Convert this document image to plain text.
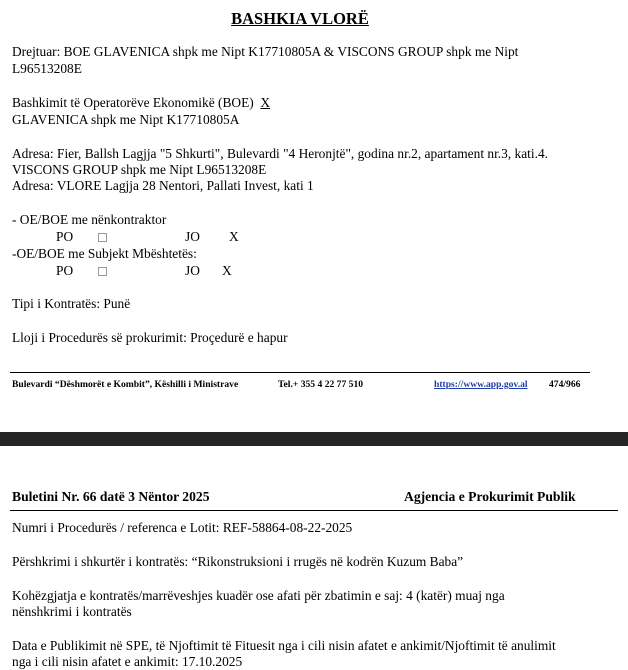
BASHKIA VLORË
Drejtuar: BOE GLAVENICA shpk me Nipt K17710805A & VISCONS GROUP shpk me Nipt
L96513208E
Bashkimit të Operatorëve Ekonomikë (BOE) X
GLAVENICA shpk me Nipt K17710805A
Adresa: Fier, Ballsh Lagjja "5 Shkurti", Bulevardi "4 Heronjtë", godina nr.2, apartament nr.3, kati.4.
VISCONS GROUP shpk me Nipt L96513208E
Adresa: VLORE Lagjja 28 Nentori, Pallati Invest, kati 1
- OE/BOE me nënkontraktor
PO	JO X
-OE/BOE me Subjekt Mbështetës:
PO	JO X
Tipi i Kontratës: Punë
Lloji i Procedurës së prokurimit: Proçedurë e hapur
Bulevardi “Dëshmorët e Kombit”, Këshilli i Ministrave	Tel.+ 355 4 22 77 510	https://www.app.gov.al 474/966
Buletini Nr. 66 datë 3 Nëntor 2025	Agjencia e Prokurimit Publik
Numri i Procedurës / referenca e Lotit: REF-58864-08-22-2025
Përshkrimi i shkurtër i kontratës: “Rikonstruksioni i rrugës në kodrën Kuzum Baba”
Kohëzgjatja e kontratës/marrëveshjes kuadër ose afati për zbatimin e saj: 4 (katër) muaj nga
nënshkrimi i kontratës
Data e Publikimit në SPE, të Njoftimit të Fituesit nga i cili nisin afatet e ankimit/Njoftimit të anulimit
nga i cili nisin afatet e ankimit: 17.10.2025
